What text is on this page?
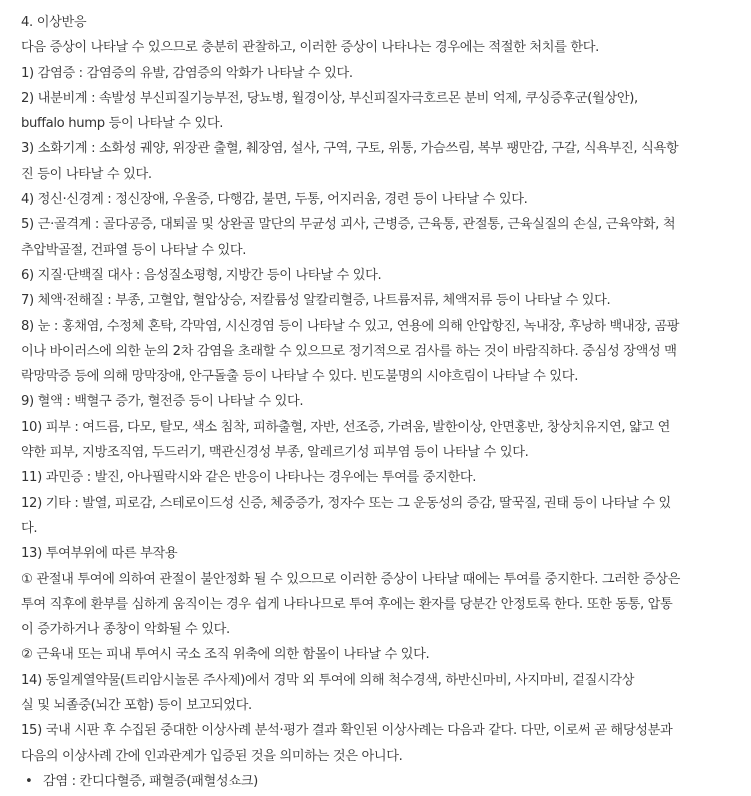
4. 이상반응
다음 증상이 나타날 수 있으므로 충분히 관찰하고, 이러한 증상이 나타나는 경우에는 적절한 처치를 한다.
1) 감염증 : 감염증의 유발, 감염증의 악화가 나타날 수 있다.
2) 내분비계 : 속발성 부신피질기능부전, 당뇨병, 월경이상, 부신피질자극호르몬 분비 억제, 쿠싱증후군(월상안),
buffalo hump 등이 나타날 수 있다.
3) 소화기계 : 소화성 궤양, 위장관 출혈, 췌장염, 설사, 구역, 구토, 위통, 가슴쓰림, 복부 팽만감, 구갈, 식욕부진, 식욕항
진 등이 나타날 수 있다.
4) 정신·신경계 : 정신장애, 우울증, 다행감, 불면, 두통, 어지러움, 경련 등이 나타날 수 있다.
5) 근·골격계 : 골다공증, 대퇴골 및 상완골 말단의 무균성 괴사, 근병증, 근육통, 관절통, 근육실질의 손실, 근육약화, 척
추압박골절, 건파열 등이 나타날 수 있다.
6) 지질·단백질 대사 : 음성질소평형, 지방간 등이 나타날 수 있다.
7) 체액·전해질 : 부종, 고혈압, 혈압상승, 저칼륨성 알칼리혈증, 나트륨저류, 체액저류 등이 나타날 수 있다.
8) 눈 : 홍채염, 수정체 혼탁, 각막염, 시신경염 등이 나타날 수 있고, 연용에 의해 안압항진, 녹내장, 후낭하 백내장, 곰팡
이나 바이러스에 의한 눈의 2차 감염을 초래할 수 있으므로 정기적으로 검사를 하는 것이 바람직하다. 중심성 장액성 맥
락망막증 등에 의해 망막장애, 안구돌출 등이 나타날 수 있다. 빈도불명의 시야흐림이 나타날 수 있다.
9) 혈액 : 백혈구 증가, 혈전증 등이 나타날 수 있다.
10) 피부 : 여드름, 다모, 탈모, 색소 침착, 피하출혈, 자반, 선조증, 가려움, 발한이상, 안면홍반, 창상치유지연, 얇고 연
약한 피부, 지방조직염, 두드러기, 맥관신경성 부종, 알레르기성 피부염 등이 나타날 수 있다.
11) 과민증 : 발진, 아나필락시와 같은 반응이 나타나는 경우에는 투여를 중지한다.
12) 기타 : 발열, 피로감, 스테로이드성 신증, 체중증가, 정자수 또는 그 운동성의 증감, 딸꾹질, 권태 등이 나타날 수 있
다.
13) 투여부위에 따른 부작용
① 관절내 투여에 의하여 관절이 불안정화 될 수 있으므로 이러한 증상이 나타날 때에는 투여를 중지한다. 그러한 증상은
투여 직후에 환부를 심하게 움직이는 경우 쉽게 나타나므로 투여 후에는 환자를 당분간 안정토록 한다. 또한 동통, 압통
이 증가하거나 종창이 악화될 수 있다.
② 근육내 또는 피내 투여시 국소 조직 위축에 의한 함몰이 나타날 수 있다.
14) 동일계열약물(트리암시놀론 주사제)에서 경막 외 투여에 의해 척수경색, 하반신마비, 사지마비, 겉질시각상
실 및 뇌졸중(뇌간 포함) 등이 보고되었다.
15) 국내 시판 후 수집된 중대한 이상사례 분석·평가 결과 확인된 이상사례는 다음과 같다. 다만, 이로써 곧 해당성분과
다음의 이상사례 간에 인과관계가 입증된 것을 의미하는 것은 아니다.
• 감염 : 칸디다혈증, 패혈증(패혈성쇼크)
